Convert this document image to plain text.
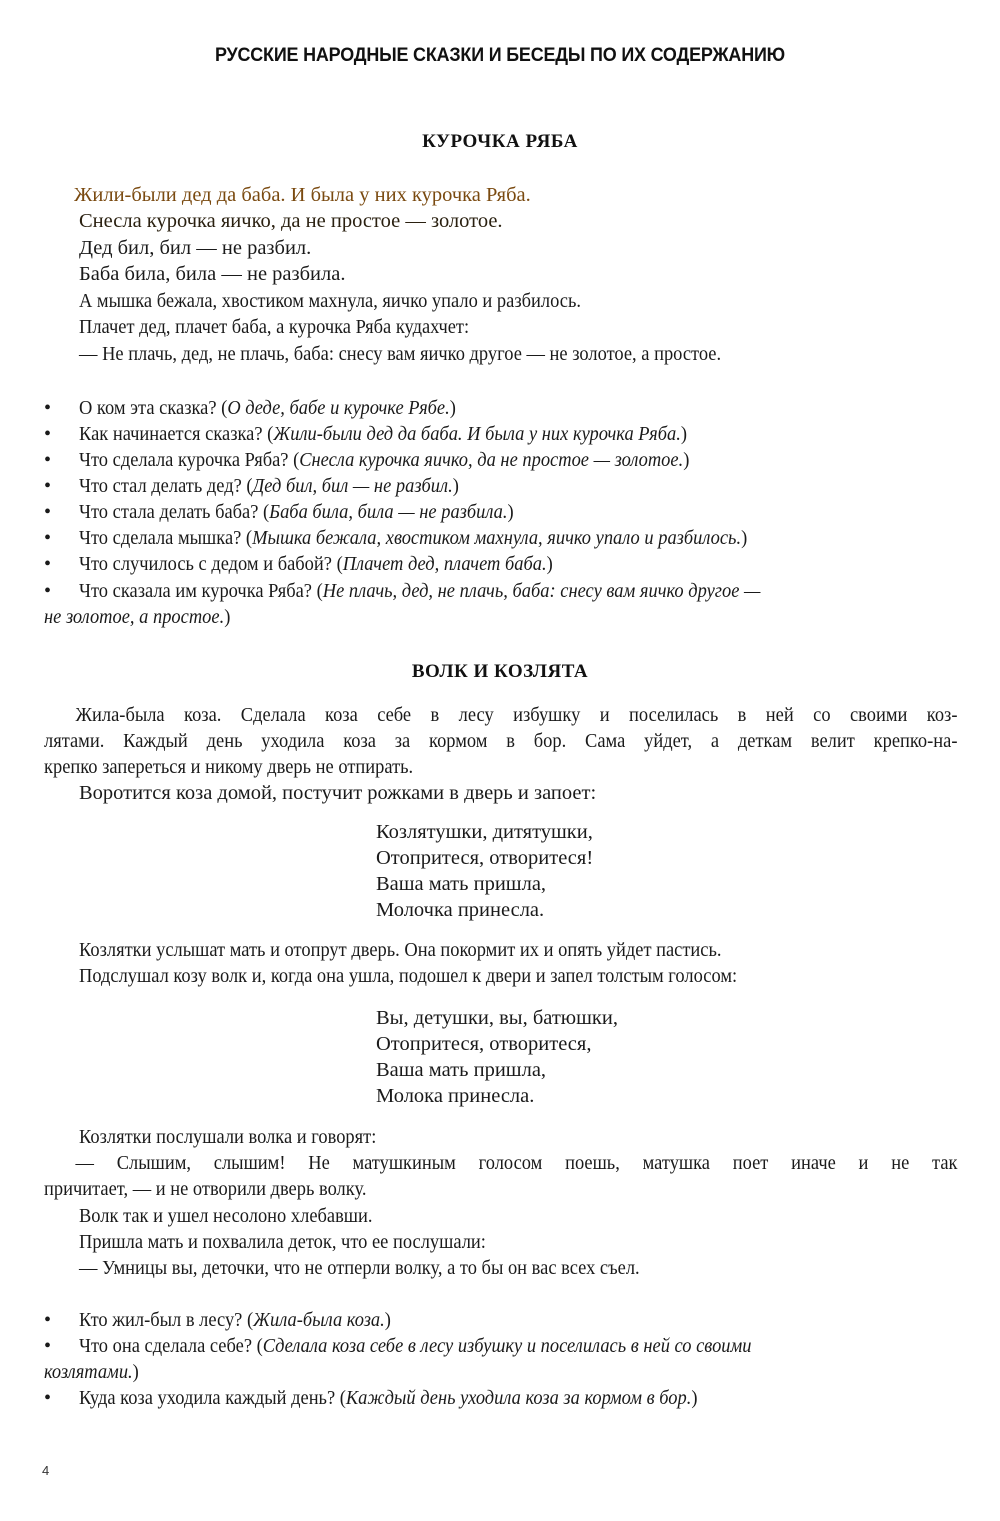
РУССКИЕ НАРОДНЫЕ СКАЗКИ И БЕСЕДЫ ПО ИХ СОДЕРЖАНИЮ
КУРОЧКА РЯБА
Жили-были дед да баба. И была у них курочка Ряба.
Снесла курочка яичко, да не простое — золотое.
Дед бил, бил — не разбил.
Баба била, била — не разбила.
А мышка бежала, хвостиком махнула, яичко упало и разбилось.
Плачет дед, плачет баба, а курочка Ряба кудахчет:
— Не плачь, дед, не плачь, баба: снесу вам яичко другое — не золотое, а простое.
• О ком эта сказка? (О деде, бабе и курочке Рябе.)
• Как начинается сказка? (Жили-были дед да баба. И была у них курочка Ряба.)
• Что сделала курочка Ряба? (Снесла курочка яичко, да не простое — золотое.)
• Что стал делать дед? (Дед бил, бил — не разбил.)
• Что стала делать баба? (Баба била, била — не разбила.)
• Что сделала мышка? (Мышка бежала, хвостиком махнула, яичко упало и разбилось.)
• Что случилось с дедом и бабой? (Плачет дед, плачет баба.)
• Что сказала им курочка Ряба? (Не плачь, дед, не плачь, баба: снесу вам яичко другое —
не золотое, а простое.)
ВОЛК И КОЗЛЯТА
Жила-была коза. Сделала коза себе в лесу избушку и поселилась в ней со своими коз-
лятами. Каждый день уходила коза за кормом в бор. Сама уйдет, а деткам велит крепко-на-
крепко запереться и никому дверь не отпирать.
Воротится коза домой, постучит рожками в дверь и запоет:
Козлятушки, дитятушки,
Отопритеся, отворитеся!
Ваша мать пришла,
Молочка принесла.
Козлятки услышат мать и отопрут дверь. Она покормит их и опять уйдет пастись.
Подслушал козу волк и, когда она ушла, подошел к двери и запел толстым голосом:
Вы, детушки, вы, батюшки,
Отопритеся, отворитеся,
Ваша мать пришла,
Молока принесла.
Козлятки послушали волка и говорят:
— Слышим, слышим! Не матушкиным голосом поешь, матушка поет иначе и не так
причитает, — и не отворили дверь волку.
Волк так и ушел несолоно хлебавши.
Пришла мать и похвалила деток, что ее послушали:
— Умницы вы, деточки, что не отперли волку, а то бы он вас всех съел.
• Кто жил-был в лесу? (Жила-была коза.)
• Что она сделала себе? (Сделала коза себе в лесу избушку и поселилась в ней со своими
козлятами.)
• Куда коза уходила каждый день? (Каждый день уходила коза за кормом в бор.)
4
